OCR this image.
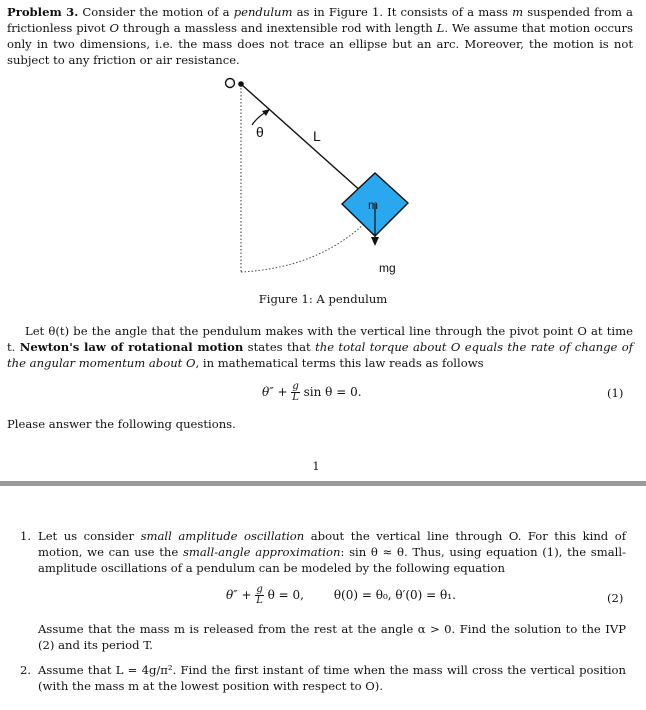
Problem 3. Consider the motion of a pendulum as in Figure 1. It consists of a mass m suspended from a frictionless pivot O through a massless and inextensible rod with length L. We assume that motion occurs only in two dimensions, i.e. the mass does not trace an ellipse but an arc. Moreover, the motion is not subject to any friction or air resistance.
θ	L
m
mg
Figure 1: A pendulum
Let θ(t) be the angle that the pendulum makes with the vertical line through the pivot point O at time t. Newton's law of rotational motion states that the total torque about O equals the rate of change of the angular momentum about O, in mathematical terms this law reads as follows
$\theta'' + \frac{g}{L}$ sin θ = 0.	(1)
Please answer the following questions.
1
1. Let us consider small amplitude oscillation about the vertical line through O. For this kind of motion, we can use the small-angle approximation: sin θ ≈ θ. Thus, using equation (1), the small-amplitude oscillations of a pendulum can be modeled by the following equation
$\theta'' + \frac{g}{L}$ θ = 0, θ(0) = θ₀, θ′(0) = θ₁.	(2)
Assume that the mass m is released from the rest at the angle α > 0. Find the solution to the IVP (2) and its period T.
2. Assume that L = 4g/π². Find the first instant of time when the mass will cross the vertical position (with the mass m at the lowest position with respect to O).
